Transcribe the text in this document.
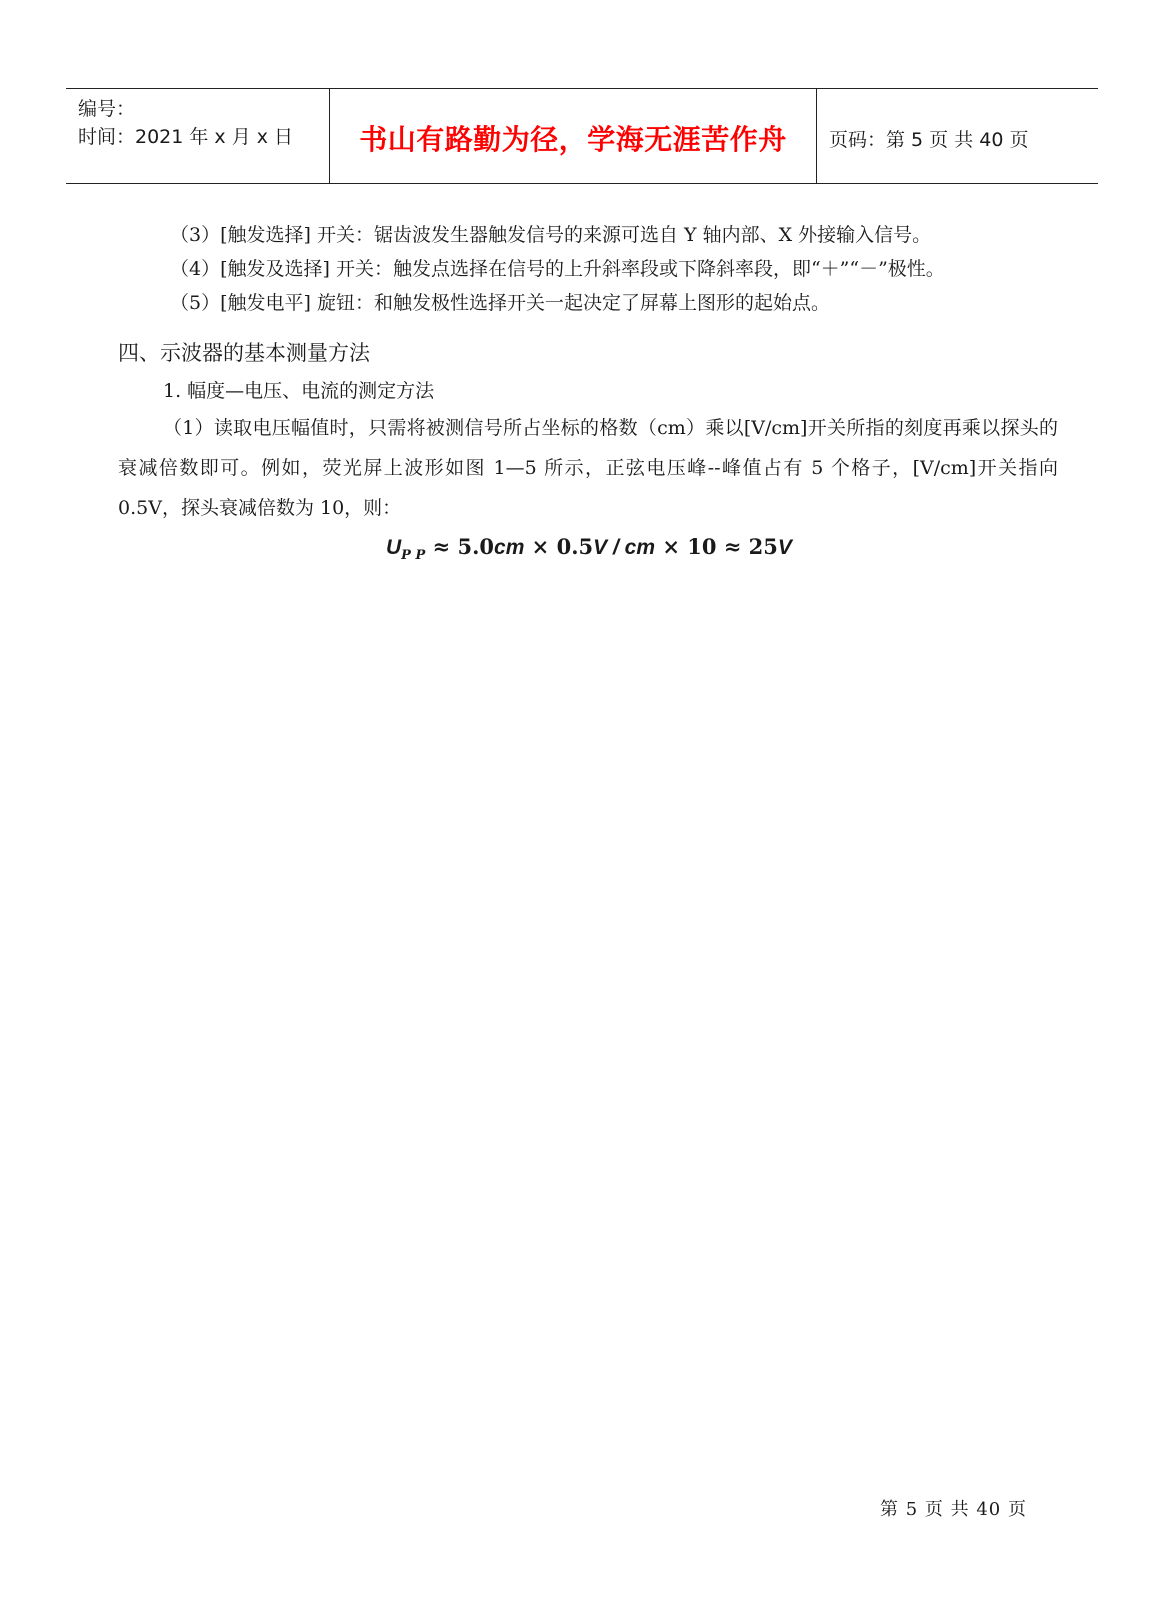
编号：
时间：2021 年 x 月 x 日	书山有路勤为径，学海无涯苦作舟 页码：第 5 页 共 40 页

（3）[触发选择] 开关：锯齿波发生器触发信号的来源可选自 Y 轴内部、X 外接输入信号。

（4）[触发及选择] 开关：触发点选择在信号的上升斜率段或下降斜率段，即“＋”“－”极性。

（5）[触发电平] 旋钮：和触发极性选择开关一起决定了屏幕上图形的起始点。

四、示波器的基本测量方法

1. 幅度—电压、电流的测定方法

（1）读取电压幅值时，只需将被测信号所占坐标的格数（cm）乘以[V/cm]开关所指的刻度再乘以探头的衰减倍数即可。例如，荧光屏上波形如图 1—5 所示，正弦电压峰--峰值占有 5 个格子，[V/cm]开关指向 0.5V，探头衰减倍数为 10，则：

$U_{P P} \approx 5.0cm \times 0.5V$ / cm × 10 ≈ 25V
第 5 页 共 40 页
